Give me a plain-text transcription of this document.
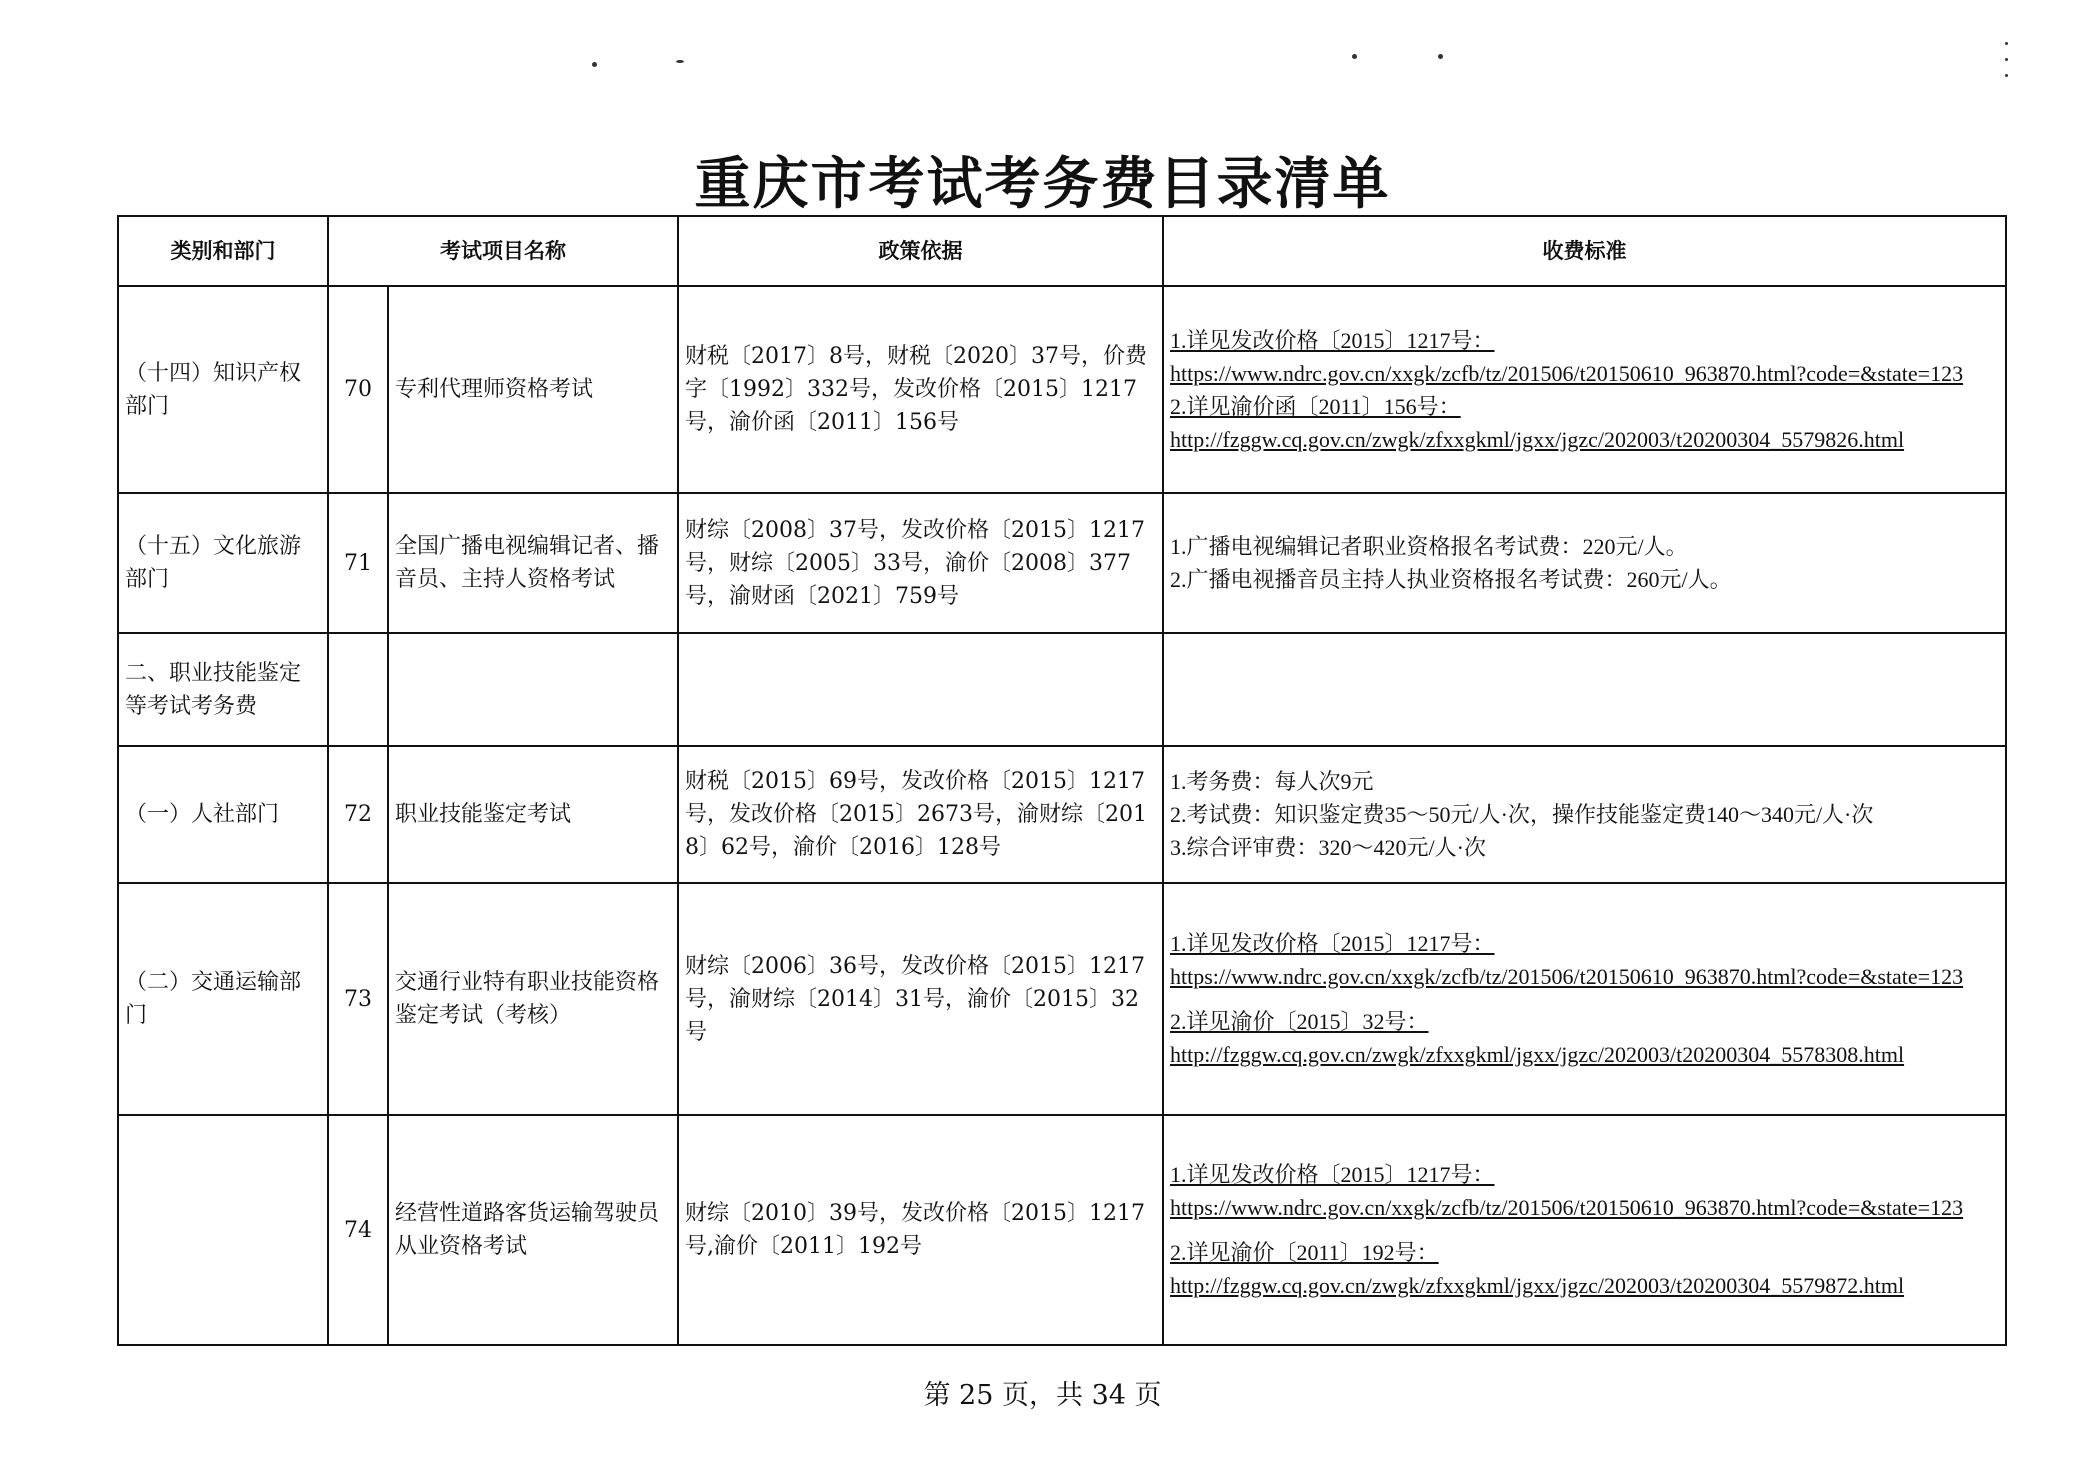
重庆市考试考务费目录清单
类别和部门	考试项目名称		政策依据	收费标准
（十四）知识产权部门	70	专利代理师资格考试	财税〔2017〕8号，财税〔2020〕37号，价费字〔1992〕332号，发改价格〔2015〕1217号，渝价函〔2011〕156号	1.详见发改价格〔2015〕1217号：
https://www.ndrc.gov.cn/xxgk/zcfb/tz/201506/t20150610_963870.html?code=&state=123
2.详见渝价函〔2011〕156号：
http://fzggw.cq.gov.cn/zwgk/zfxxgkml/jgxx/jgzc/202003/t20200304_5579826.html

（十五）文化旅游部门	71	全国广播电视编辑记者、播音员、主持人资格考试	财综〔2008〕37号，发改价格〔2015〕1217号，财综〔2005〕33号，渝价〔2008〕377号，渝财函〔2021〕759号	1.广播电视编辑记者职业资格报名考试费：220元/人。
2.广播电视播音员主持人执业资格报名考试费：260元/人。

二、职业技能鉴定等考试考务费				
（一）人社部门	72	职业技能鉴定考试	财税〔2015〕69号，发改价格〔2015〕1217号，发改价格〔2015〕2673号，渝财综〔2018〕62号，渝价〔2016〕128号	1.考务费：每人次9元
2.考试费：知识鉴定费35～50元/人·次，操作技能鉴定费140～340元/人·次
3.综合评审费：320～420元/人·次

（二）交通运输部门	73	交通行业特有职业技能资格鉴定考试（考核）	财综〔2006〕36号，发改价格〔2015〕1217号，渝财综〔2014〕31号，渝价〔2015〕32号	1.详见发改价格〔2015〕1217号：
https://www.ndrc.gov.cn/xxgk/zcfb/tz/201506/t20150610_963870.html?code=&state=123
2.详见渝价〔2015〕32号：
http://fzggw.cq.gov.cn/zwgk/zfxxgkml/jgxx/jgzc/202003/t20200304_5578308.html

	74	经营性道路客货运输驾驶员从业资格考试	财综〔2010〕39号，发改价格〔2015〕1217号,渝价〔2011〕192号	1.详见发改价格〔2015〕1217号：
https://www.ndrc.gov.cn/xxgk/zcfb/tz/201506/t20150610_963870.html?code=&state=123
2.详见渝价〔2011〕192号：
http://fzggw.cq.gov.cn/zwgk/zfxxgkml/jgxx/jgzc/202003/t20200304_5579872.html
第 25 页，共 34 页
